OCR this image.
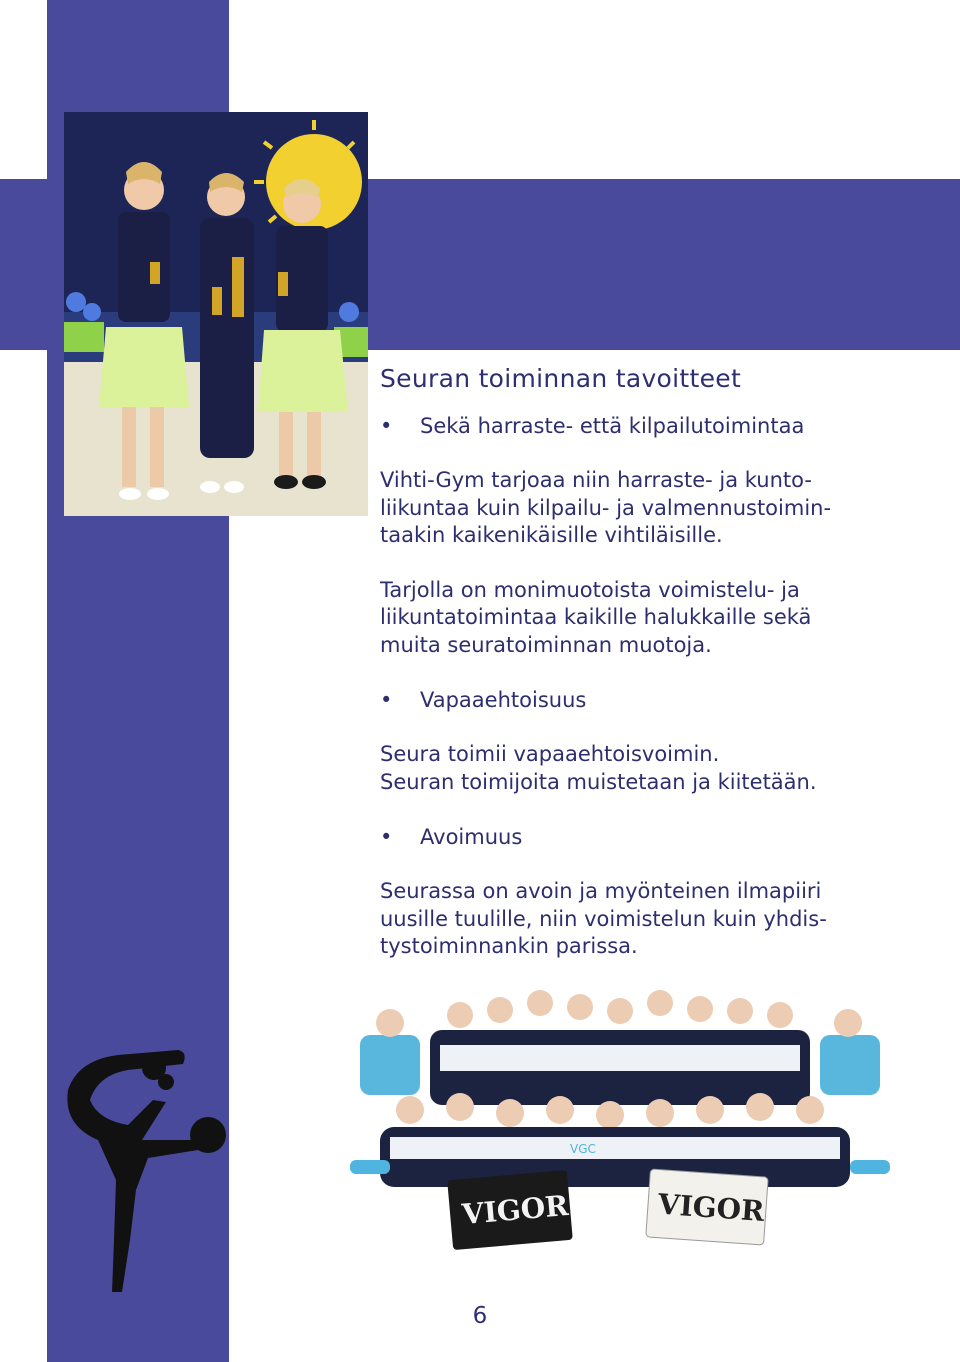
Seuran toiminnan tavoitteet
• Sekä harraste- että kilpailutoimintaa
Vihti-Gym tarjoaa niin harraste- ja kunto-
liikuntaa kuin kilpailu- ja valmennustoimin-
taakin kaikenikäisille vihtiläisille.
Tarjolla on monimuotoista voimistelu- ja
liikuntatoimintaa kaikille halukkaille sekä
muita seuratoiminnan muotoja.
• Vapaaehtoisuus
Seura toimii vapaaehtoisvoimin.
Seuran toimijoita muistetaan ja kiitetään.
• Avoimuus
Seurassa on avoin ja myönteinen ilmapiiri
uusille tuulille, niin voimistelun kuin yhdis-
tystoiminnankin parissa.
VGC
VIGOR	VIGOR
6
